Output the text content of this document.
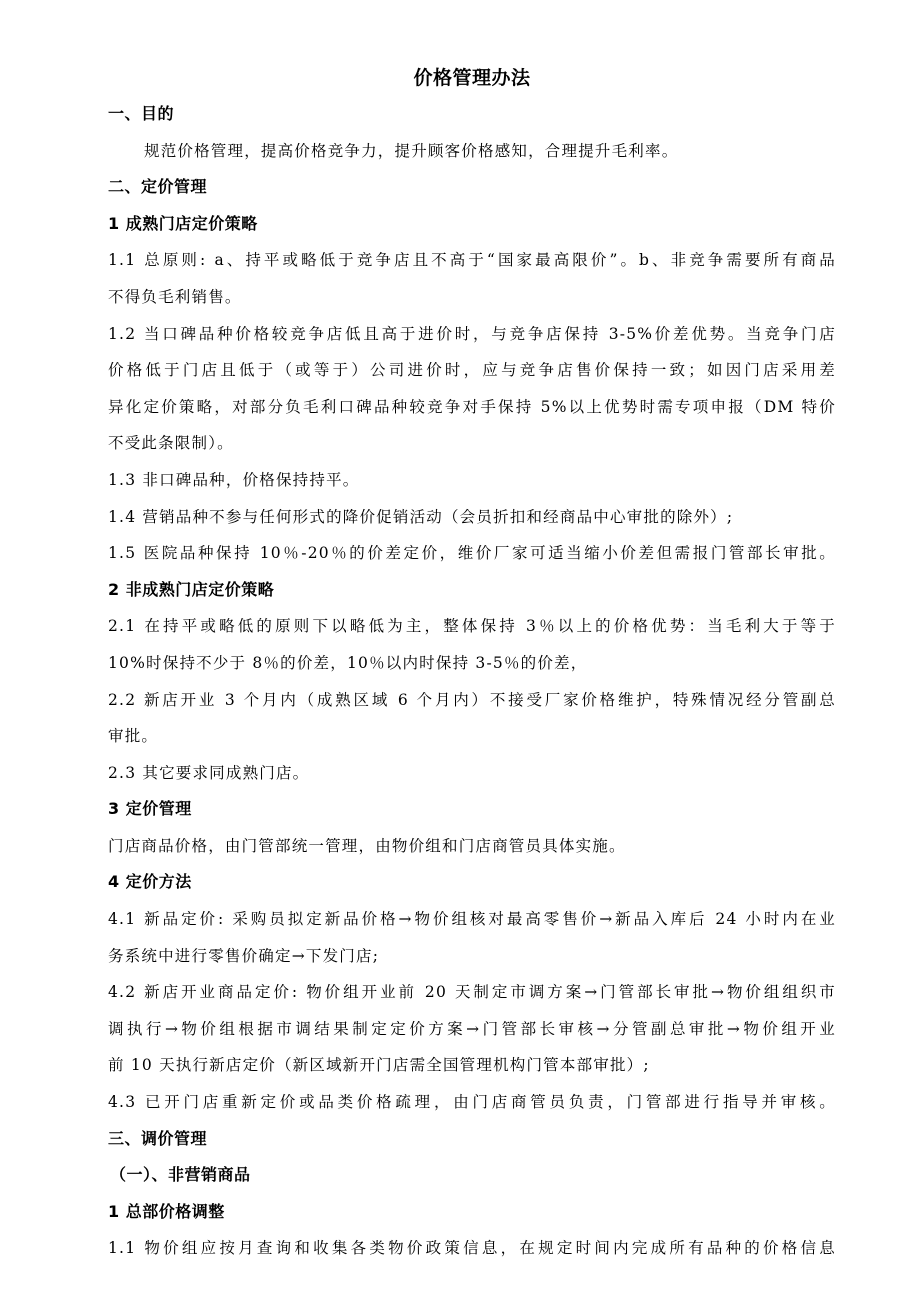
价格管理办法
一、目的
规范价格管理，提高价格竞争力，提升顾客价格感知，合理提升毛利率。
二、定价管理
1 成熟门店定价策略
1.1 总原则: a、持平或略低于竞争店且不高于“国家最高限价”。b、非竞争需要所有商品
不得负毛利销售。
1.2 当口碑品种价格较竞争店低且高于进价时，与竞争店保持 3-5%价差优势。当竞争门店
价格低于门店且低于（或等于）公司进价时，应与竞争店售价保持一致；如因门店采用差
异化定价策略，对部分负毛利口碑品种较竞争对手保持 5%以上优势时需专项申报（DM 特价
不受此条限制）。
1.3 非口碑品种，价格保持持平。
1.4 营销品种不参与任何形式的降价促销活动（会员折扣和经商品中心审批的除外）;
1.5 医院品种保持 10％-20％的价差定价，维价厂家可适当缩小价差但需报门管部长审批。
2 非成熟门店定价策略
2.1 在持平或略低的原则下以略低为主，整体保持 3％以上的价格优势：当毛利大于等于
10%时保持不少于 8％的价差，10％以内时保持 3-5％的价差，
2.2 新店开业 3 个月内（成熟区域 6 个月内）不接受厂家价格维护，特殊情况经分管副总
审批。
2.3 其它要求同成熟门店。
3 定价管理
门店商品价格，由门管部统一管理，由物价组和门店商管员具体实施。
4 定价方法
4.1 新品定价: 采购员拟定新品价格→物价组核对最高零售价→新品入库后 24 小时内在业
务系统中进行零售价确定→下发门店;
4.2 新店开业商品定价: 物价组开业前 20 天制定市调方案→门管部长审批→物价组组织市
调执行→物价组根据市调结果制定定价方案→门管部长审核→分管副总审批→物价组开业
前 10 天执行新店定价（新区域新开门店需全国管理机构门管本部审批）;
4.3 已开门店重新定价或品类价格疏理，由门店商管员负责，门管部进行指导并审核。
三、调价管理
（一）、非营销商品
1 总部价格调整
1.1 物价组应按月查询和收集各类物价政策信息，在规定时间内完成所有品种的价格信息
